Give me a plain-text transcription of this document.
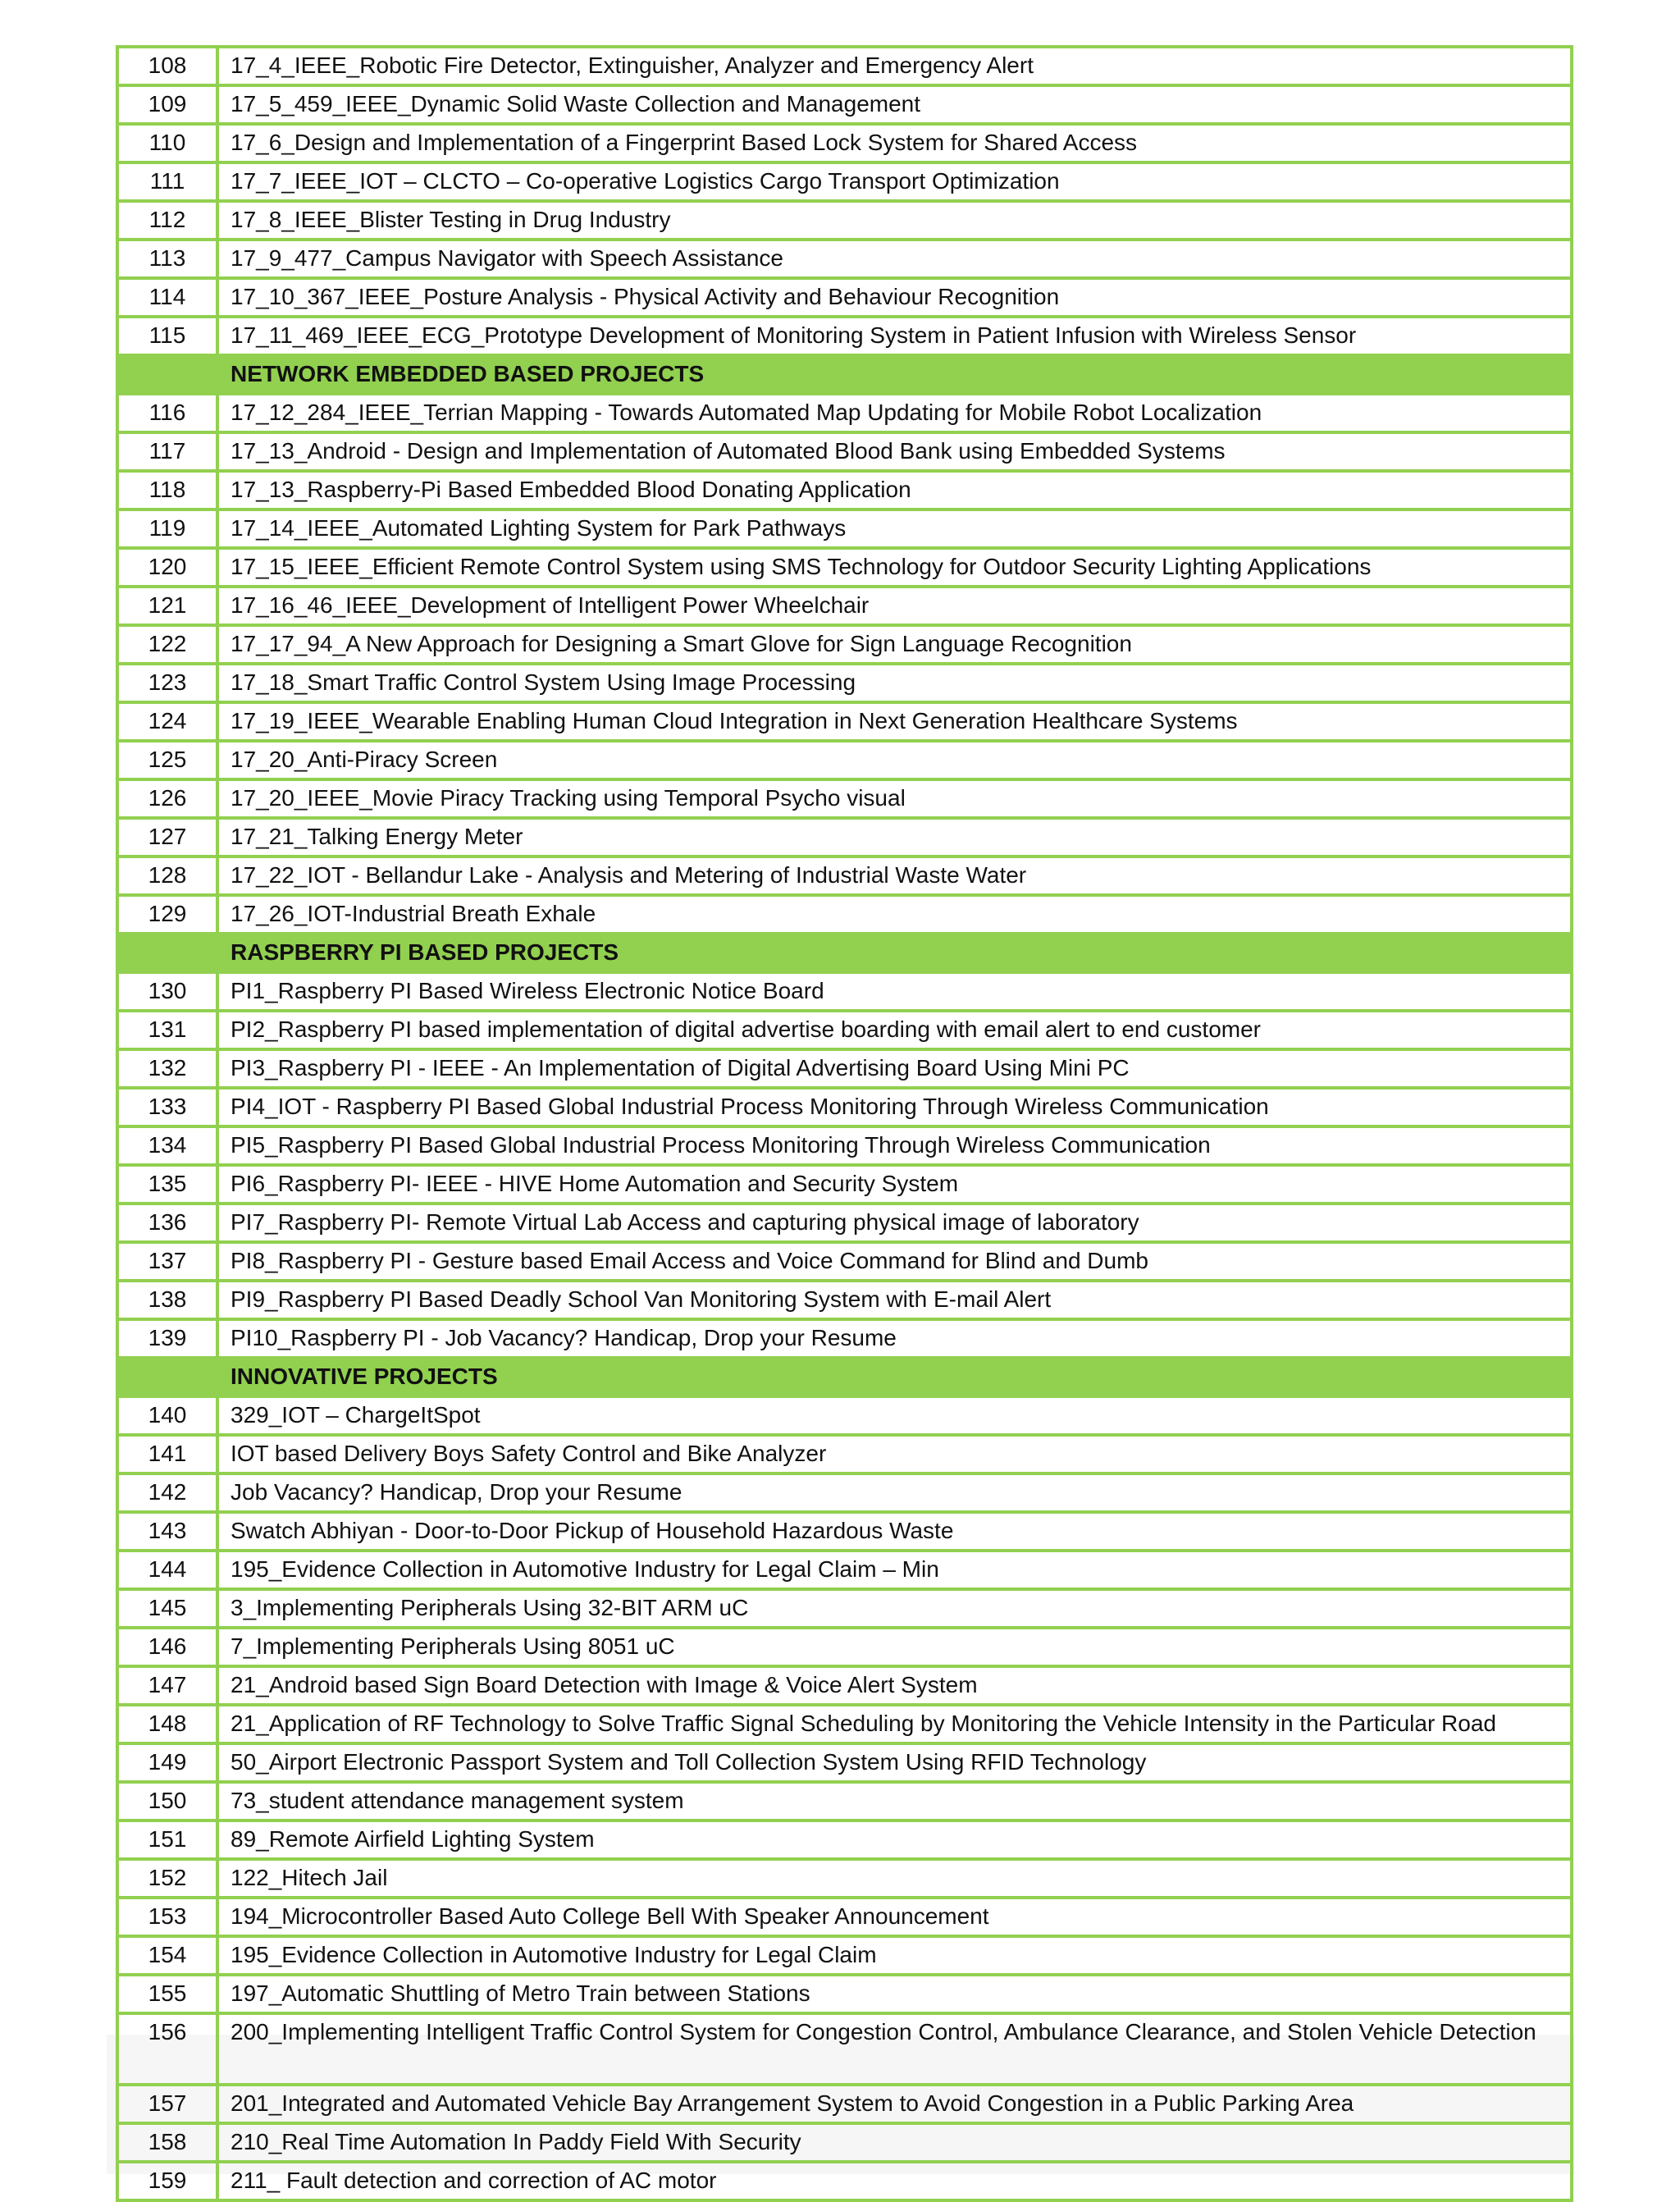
108	17_4_IEEE_Robotic Fire Detector, Extinguisher, Analyzer and Emergency Alert
109	17_5_459_IEEE_Dynamic Solid Waste Collection and Management
110	17_6_Design and Implementation of a Fingerprint Based Lock System for Shared Access
111	17_7_IEEE_IOT – CLCTO – Co-operative Logistics Cargo Transport Optimization
112	17_8_IEEE_Blister Testing in Drug Industry
113	17_9_477_Campus Navigator with Speech Assistance
114	17_10_367_IEEE_Posture Analysis - Physical Activity and Behaviour Recognition
115	17_11_469_IEEE_ECG_Prototype Development of Monitoring System in Patient Infusion with Wireless Sensor
	NETWORK EMBEDDED BASED PROJECTS
116	17_12_284_IEEE_Terrian Mapping - Towards Automated Map Updating for Mobile Robot Localization
117	17_13_Android - Design and Implementation of Automated Blood Bank using Embedded Systems
118	17_13_Raspberry-Pi Based Embedded Blood Donating Application
119	17_14_IEEE_Automated Lighting System for Park Pathways
120	17_15_IEEE_Efficient Remote Control System using SMS Technology for Outdoor Security Lighting Applications
121	17_16_46_IEEE_Development of Intelligent Power Wheelchair
122	17_17_94_A New Approach for Designing a Smart Glove for Sign Language Recognition
123	17_18_Smart Traffic Control System Using Image Processing
124	17_19_IEEE_Wearable Enabling Human Cloud Integration in Next Generation Healthcare Systems
125	17_20_Anti-Piracy Screen
126	17_20_IEEE_Movie Piracy Tracking using Temporal Psycho visual
127	17_21_Talking Energy Meter
128	17_22_IOT - Bellandur Lake - Analysis and Metering of Industrial Waste Water
129	17_26_IOT-Industrial Breath Exhale
	RASPBERRY PI BASED PROJECTS
130	PI1_Raspberry PI Based Wireless Electronic Notice Board
131	PI2_Raspberry PI based implementation of digital advertise boarding with email alert to end customer
132	PI3_Raspberry PI - IEEE - An Implementation of Digital Advertising Board Using Mini PC
133	PI4_IOT - Raspberry PI Based Global Industrial Process Monitoring Through Wireless Communication
134	PI5_Raspberry PI Based Global Industrial Process Monitoring Through Wireless Communication
135	PI6_Raspberry PI- IEEE - HIVE Home Automation and Security System
136	PI7_Raspberry PI- Remote Virtual Lab Access and capturing physical image of laboratory
137	PI8_Raspberry PI - Gesture based Email Access and Voice Command for Blind and Dumb
138	PI9_Raspberry PI Based Deadly School Van Monitoring System with E-mail Alert
139	PI10_Raspberry PI - Job Vacancy? Handicap, Drop your Resume
	INNOVATIVE PROJECTS
140	329_IOT – ChargeItSpot
141	IOT based Delivery Boys Safety Control and Bike Analyzer
142	Job Vacancy? Handicap, Drop your Resume
143	Swatch Abhiyan - Door-to-Door Pickup of Household Hazardous Waste
144	195_Evidence Collection in Automotive Industry for Legal Claim – Min
145	3_Implementing Peripherals Using 32-BIT ARM uC
146	7_Implementing Peripherals Using 8051 uC
147	21_Android based Sign Board Detection with Image & Voice Alert System
148	21_Application of RF Technology to Solve Traffic Signal Scheduling by Monitoring the Vehicle Intensity in the Particular Road
149	50_Airport Electronic Passport System and Toll Collection System Using RFID Technology
150	73_student attendance management system
151	89_Remote Airfield Lighting System
152	122_Hitech Jail
153	194_Microcontroller Based Auto College Bell With Speaker Announcement
154	195_Evidence Collection in Automotive Industry for Legal Claim
155	197_Automatic Shuttling of Metro Train between Stations
156	200_Implementing Intelligent Traffic Control System for Congestion Control, Ambulance Clearance, and Stolen Vehicle Detection
157	201_Integrated and Automated Vehicle Bay Arrangement System to Avoid Congestion in a Public Parking Area
158	210_Real Time Automation In Paddy Field With Security
159	211_ Fault detection and correction of AC motor
